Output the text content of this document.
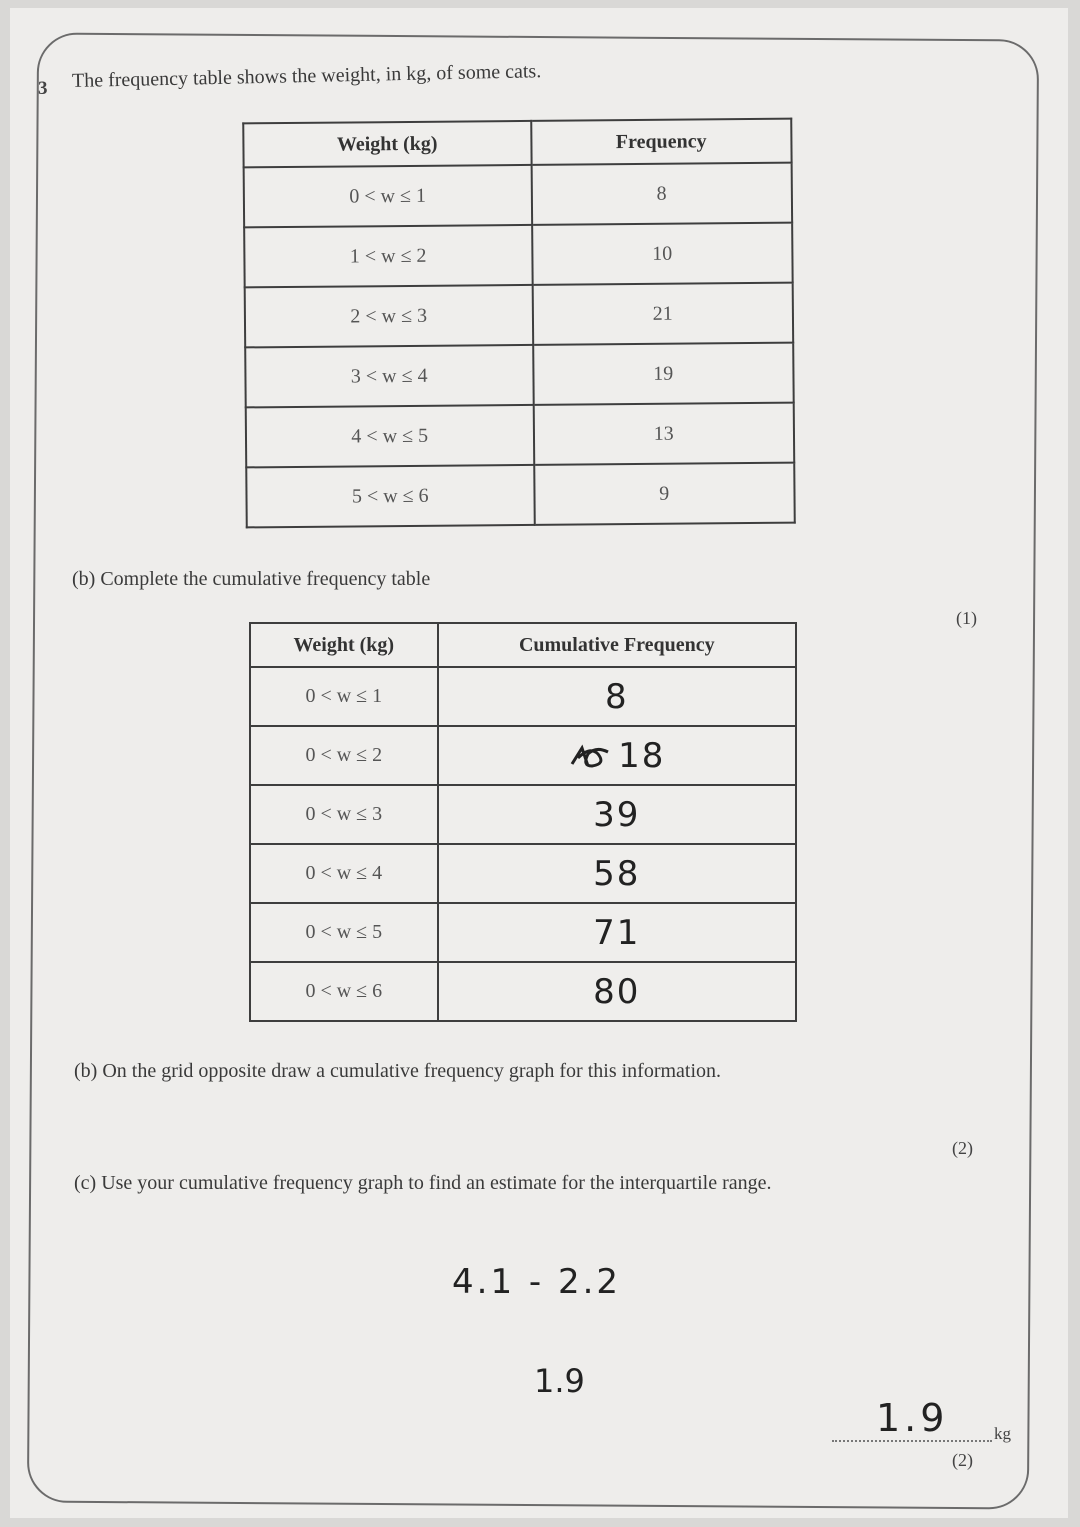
3 The frequency table shows the weight, in kg, of some cats.
Weight (kg)	Frequency
0 < w ≤ 1	8
1 < w ≤ 2	10
2 < w ≤ 3	21
3 < w ≤ 4	19
4 < w ≤ 5	13
5 < w ≤ 6	9
(b) Complete the cumulative frequency table
(1)
Weight (kg)	Cumulative Frequency
0 < w ≤ 1	8
0 < w ≤ 2	18
0 < w ≤ 3	39
0 < w ≤ 4	58
0 < w ≤ 5	71
0 < w ≤ 6	80
(b) On the grid opposite draw a cumulative frequency graph for this information.
(2)
(c) Use your cumulative frequency graph to find an estimate for the interquartile range.
4.1 - 2.2
1.9
1.9	kg
(2)
